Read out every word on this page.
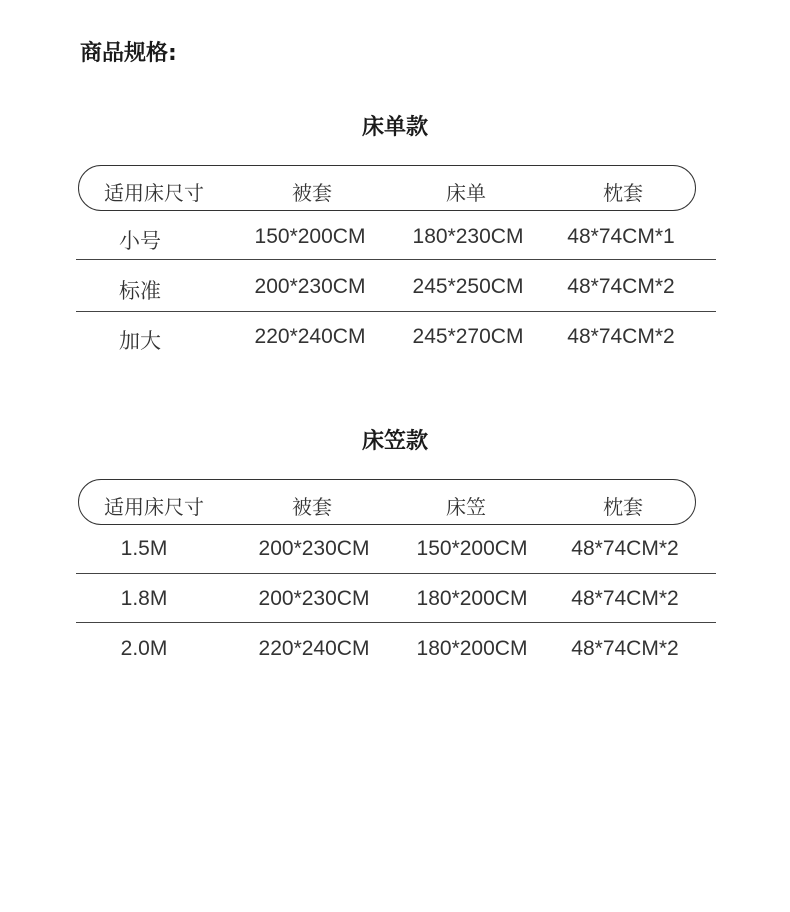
商品规格:
床单款
适用床尺寸	被套	床单	枕套
小号	150*200CM	180*230CM	48*74CM*1
标准	200*230CM	245*250CM	48*74CM*2
加大	220*240CM	245*270CM	48*74CM*2
床笠款
适用床尺寸	被套	床笠	枕套
1.5M	200*230CM	150*200CM	48*74CM*2
1.8M	200*230CM	180*200CM	48*74CM*2
2.0M	220*240CM	180*200CM	48*74CM*2
